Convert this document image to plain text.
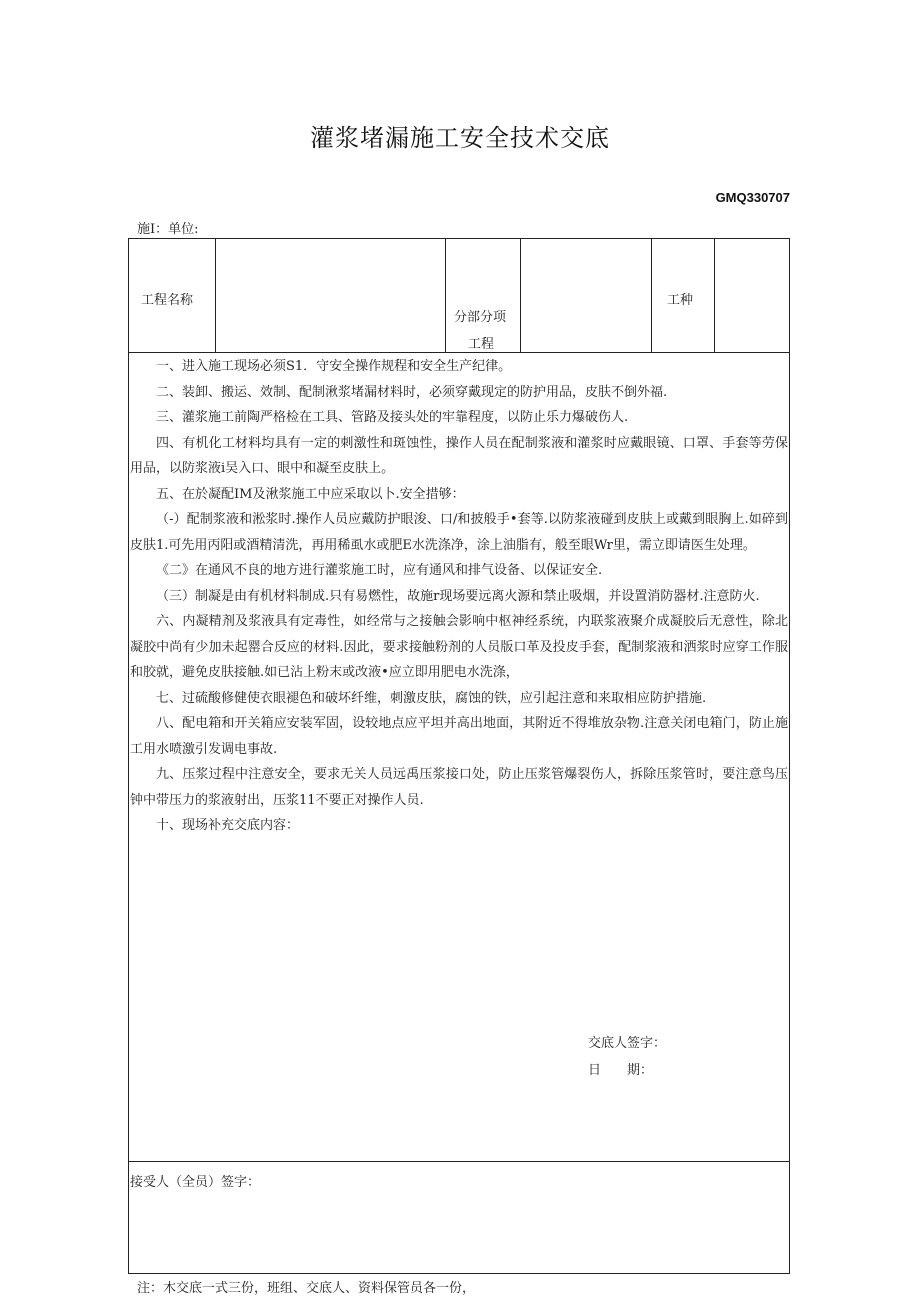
灌浆堵漏施工安全技术交底
GMQ330707
施I：单位:
工程名称
分部分项
工程
工种

一、进入施工现场必须S1．守安全操作规程和安全生产纪律。

二、装卸、搬运、效制、配制湫浆堵漏材料时，必须穿戴现定的防护用品，皮肤不倒外福.

三、灌浆施工前陶严格检在工具、管路及接头处的牢靠程度，以防止乐力爆破伤人.

四、有机化工材料均具有一定的刺激性和斑蚀性，操作人员在配制浆液和灌浆时应戴眼镜、口罩、手套等劳保用品，以防浆液i吴入口、眼中和凝至皮肤上。

五、在於凝配IM及湫浆施工中应采取以卜.安全措够：

（-）配制浆液和淞浆时.操作人员应戴防护眼浚、口/和披般手•套等.以防浆液碰到皮肤上或戴到眼胸上.如碎到皮肤1.可先用丙阳或酒精清洗，再用稀虱水或肥E水洗涤净，涂上油脂有，般至眼Wr里，需立即请医生处理。

《二》在通风不良的地方进行灌浆施工时，应有通风和排气设备、以保证安全.

（三）制凝是由有机材料制成.只有易燃性，故施r现场要远离火源和禁止吸烟，并设置消防器材.注意防火.

六、内凝精剂及浆液具有定毒性，如经常与之接触会影响中枢神经系统，内联浆液聚介成凝胶后无意性，除北凝胶中尚有少加未起罂合反应的材料.因此，要求接触粉剂的人员版口革及投皮手套，配制浆液和洒浆时应穿工作服和胶就，避免皮肤接触.如已沾上粉末或改液•应立即用肥电水洗涤，

七、过硫酸修健使衣眼褪色和破坏纤维，刺激皮肤，腐蚀的铁，应引起注意和来取相应防护措施.

八、配电箱和开关箱应安装军固，设较地点应平坦并高出地面，其附近不得堆放杂物.注意关闭电箱门，防止施工用水喷激引发调电事故.

九、压浆过程中注意安全，要求无关人员远禹压浆接口处，防止压浆管爆裂伤人，拆除压浆管时，要注意鸟压钟中带压力的浆液射出，压浆11不要正对操作人员.

十、现场补充交底内容：

交底人签字：
日　　期：
接受人（全员）签字：
注：木交底一式三份，班组、交底人、资料保管员各一份，
